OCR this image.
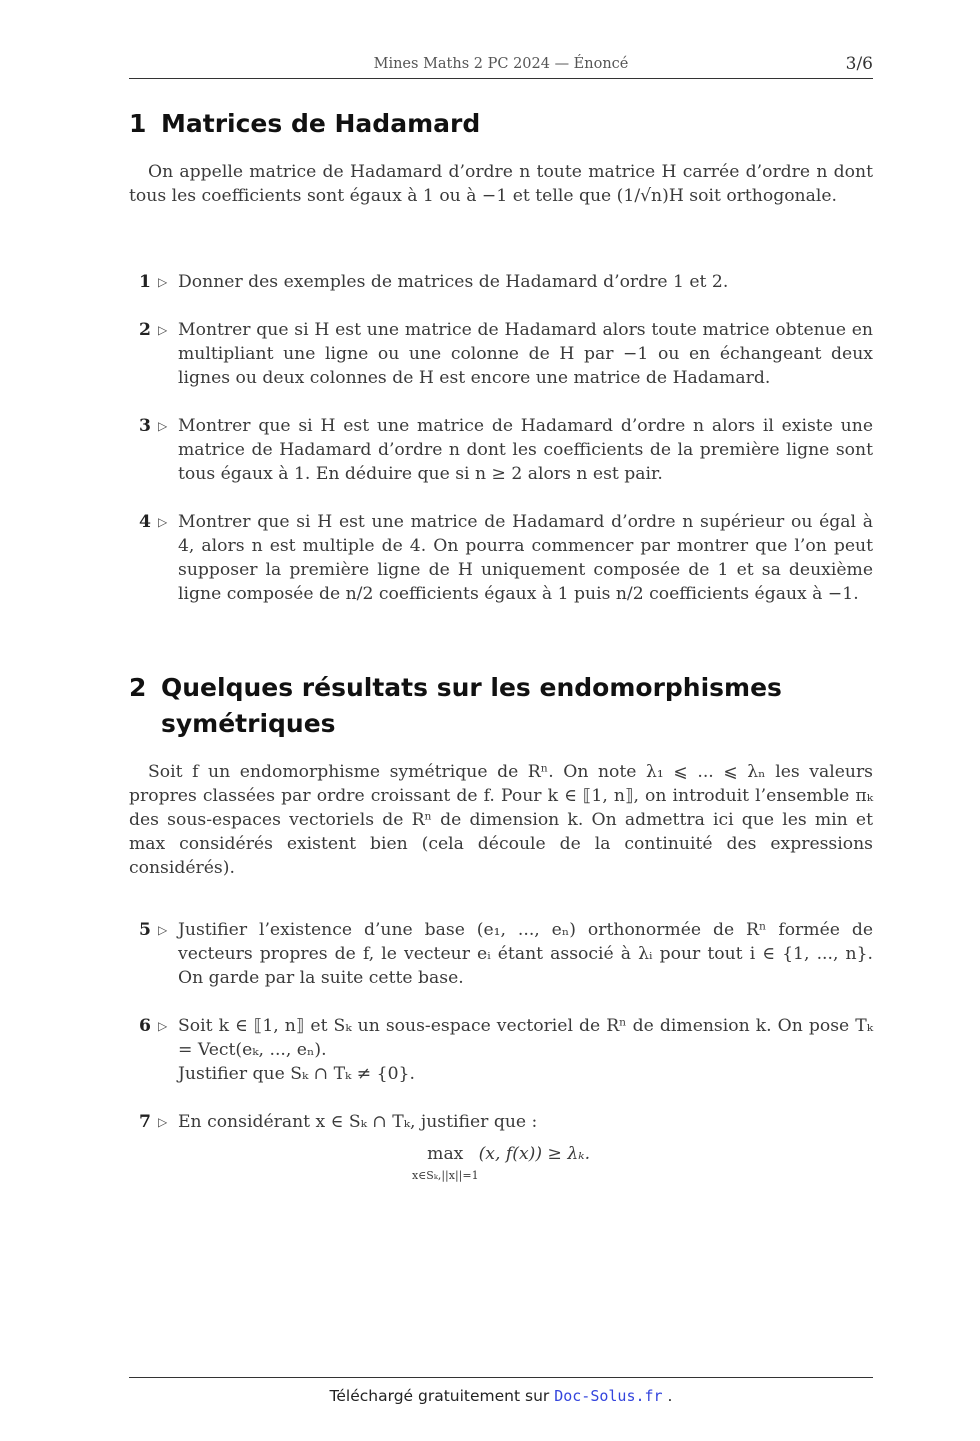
Mines Maths 2 PC 2024 — Énoncé	3/6
1 Matrices de Hadamard
On appelle matrice de Hadamard d’ordre n toute matrice H carrée d’ordre n dont tous les coefficients sont égaux à 1 ou à −1 et telle que (1/√n)H soit orthogonale.
1 ▷ Donner des exemples de matrices de Hadamard d’ordre 1 et 2.
2 ▷ Montrer que si H est une matrice de Hadamard alors toute matrice obtenue en multipliant une ligne ou une colonne de H par −1 ou en échangeant deux lignes ou deux colonnes de H est encore une matrice de Hadamard.
3 ▷ Montrer que si H est une matrice de Hadamard d’ordre n alors il existe une matrice de Hadamard d’ordre n dont les coefficients de la première ligne sont tous égaux à 1. En déduire que si n ≥ 2 alors n est pair.
4 ▷ Montrer que si H est une matrice de Hadamard d’ordre n supérieur ou égal à 4, alors n est multiple de 4. On pourra commencer par montrer que l’on peut supposer la première ligne de H uniquement composée de 1 et sa deuxième ligne composée de n/2 coefficients égaux à 1 puis n/2 coefficients égaux à −1.
2 Quelques résultats sur les endomorphismes
symétriques
Soit f un endomorphisme symétrique de Rⁿ. On note λ₁ ⩽ ... ⩽ λₙ les valeurs propres classées par ordre croissant de f. Pour k ∈ ⟦1, n⟧, on introduit l’ensemble πₖ des sous-espaces vectoriels de Rⁿ de dimension k. On admettra ici que les min et max considérés existent bien (cela découle de la continuité des expressions considérés).
5 ▷ Justifier l’existence d’une base (e₁, ..., eₙ) orthonormée de Rⁿ formée de vecteurs propres de f, le vecteur eᵢ étant associé à λᵢ pour tout i ∈ {1, ..., n}. On garde par la suite cette base.
6 ▷ Soit k ∈ ⟦1, n⟧ et Sₖ un sous-espace vectoriel de Rⁿ de dimension k. On pose Tₖ = Vect(eₖ, ..., eₙ).
Justifier que Sₖ ∩ Tₖ ≠ {0}.
7 ▷ En considérant x ∈ Sₖ ∩ Tₖ, justifier que :
max
x∈Sₖ,||x||=1(x, f(x)) ≥ λₖ.
Téléchargé gratuitement sur Doc-Solus.fr .
